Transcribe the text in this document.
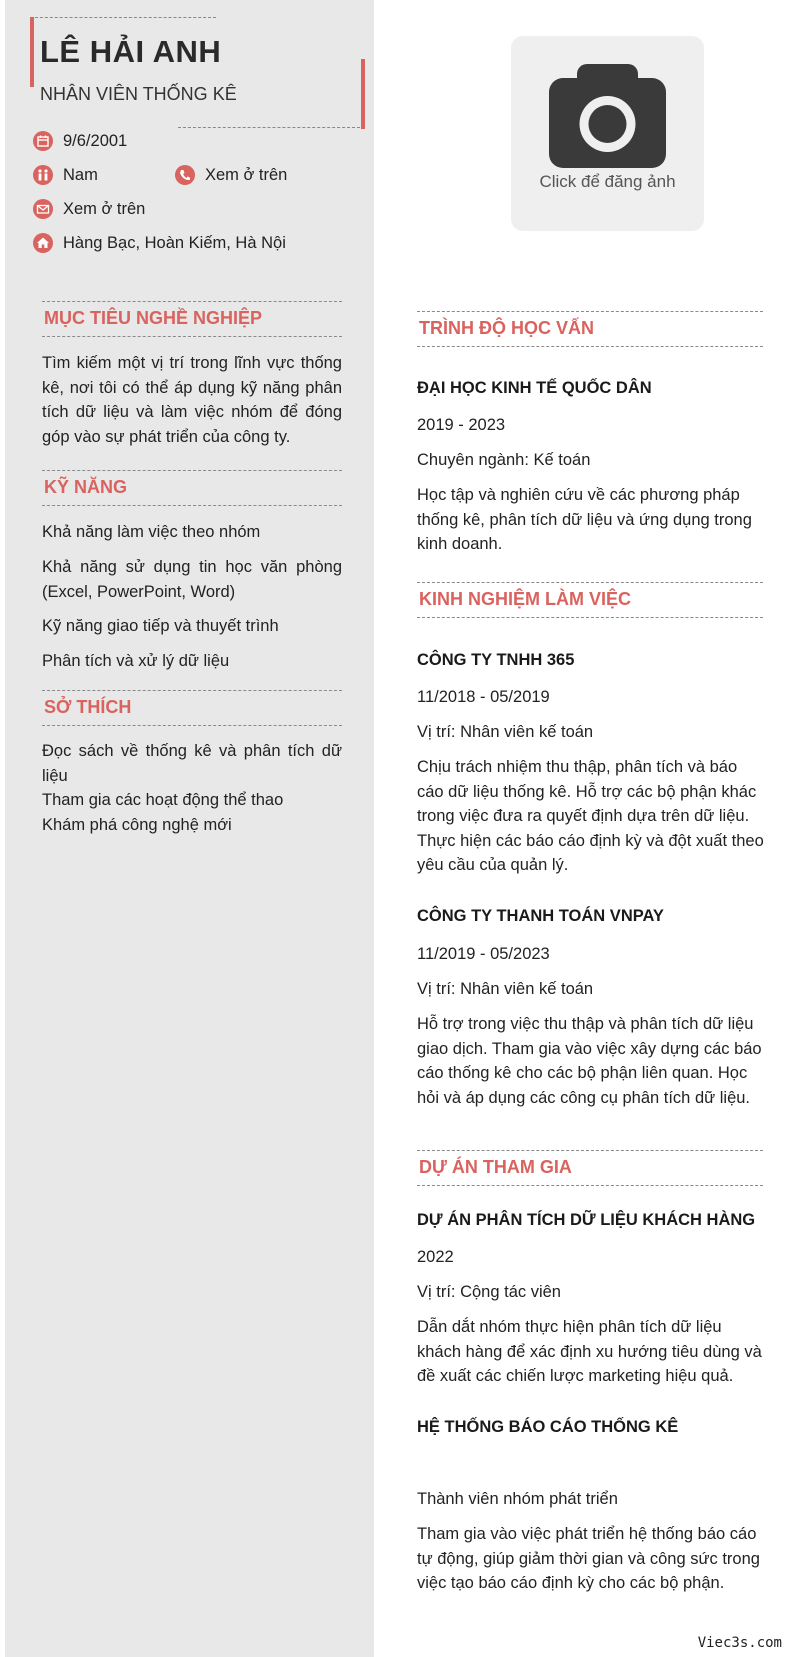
LÊ HẢI ANH
NHÂN VIÊN THỐNG KÊ
9/6/2001
Nam	Xem ở trên
Xem ở trên
Hàng Bạc, Hoàn Kiếm, Hà Nội
MỤC TIÊU NGHỀ NGHIỆP
Tìm kiếm một vị trí trong lĩnh vực thống kê, nơi tôi có thể áp dụng kỹ năng phân tích dữ liệu và làm việc nhóm để đóng góp vào sự phát triển của công ty.
KỸ NĂNG
Khả năng làm việc theo nhóm
Khả năng sử dụng tin học văn phòng (Excel, PowerPoint, Word)
Kỹ năng giao tiếp và thuyết trình
Phân tích và xử lý dữ liệu
SỞ THÍCH
Đọc sách về thống kê và phân tích dữ liệu
Tham gia các hoạt động thể thao
Khám phá công nghệ mới
Click để đăng ảnh
TRÌNH ĐỘ HỌC VẤN
ĐẠI HỌC KINH TẾ QUỐC DÂN
2019 - 2023
Chuyên ngành: Kế toán
Học tập và nghiên cứu về các phương pháp thống kê, phân tích dữ liệu và ứng dụng trong kinh doanh.
KINH NGHIỆM LÀM VIỆC
CÔNG TY TNHH 365
11/2018 - 05/2019
Vị trí: Nhân viên kế toán
Chịu trách nhiệm thu thập, phân tích và báo cáo dữ liệu thống kê. Hỗ trợ các bộ phận khác trong việc đưa ra quyết định dựa trên dữ liệu. Thực hiện các báo cáo định kỳ và đột xuất theo yêu cầu của quản lý.
CÔNG TY THANH TOÁN VNPAY
11/2019 - 05/2023
Vị trí: Nhân viên kế toán
Hỗ trợ trong việc thu thập và phân tích dữ liệu giao dịch. Tham gia vào việc xây dựng các báo cáo thống kê cho các bộ phận liên quan. Học hỏi và áp dụng các công cụ phân tích dữ liệu.
DỰ ÁN THAM GIA
DỰ ÁN PHÂN TÍCH DỮ LIỆU KHÁCH HÀNG
2022
Vị trí: Cộng tác viên
Dẫn dắt nhóm thực hiện phân tích dữ liệu khách hàng để xác định xu hướng tiêu dùng và đề xuất các chiến lược marketing hiệu quả.
HỆ THỐNG BÁO CÁO THỐNG KÊ
Thành viên nhóm phát triển
Tham gia vào việc phát triển hệ thống báo cáo tự động, giúp giảm thời gian và công sức trong việc tạo báo cáo định kỳ cho các bộ phận.
Viec3s.com
